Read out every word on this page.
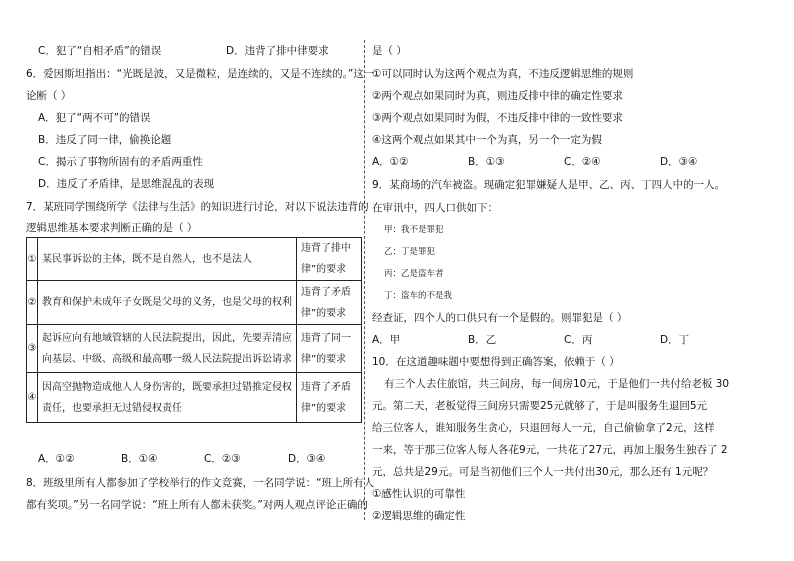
C．犯了“自相矛盾”的错误	D．违背了排中律要求
6．爱因斯坦指出：“光既是波，又是微粒，是连续的，又是不连续的。”这一
论断（ ）
A．犯了“两不可”的错误
B．违反了同一律，偷换论题
C．揭示了事物所固有的矛盾两重性
D．违反了矛盾律，是思维混乱的表现
7．某班同学围绕所学《法律与生活》的知识进行讨论，对以下说法违背的
逻辑思维基本要求判断正确的是（ ）
①	某民事诉讼的主体，既不是自然人，也不是法人	违背了排中律”的要求
②	教育和保护未成年子女既是父母的义务，也是父母的权利	违背了矛盾律”的要求
③	起诉应向有地域管辖的人民法院提出，因此，先要弄清应向基层、中级、高级和最高哪一级人民法院提出诉讼请求	违背了同一律”的要求
④	因高空抛物造成他人人身伤害的，既要承担过错推定侵权责任，也要承担无过错侵权责任	违背了矛盾律”的要求
A．①②	B．①④	C．②③	D．③④
8．班级里所有人都参加了学校举行的作文竞赛，一名同学说：“班上所有人
都有奖项。”另一名同学说：“班上所有人都未获奖。”对两人观点评论正确的
是（ ）
①可以同时认为这两个观点为真，不违反逻辑思维的规则
②两个观点如果同时为真，则违反排中律的确定性要求
③两个观点如果同时为假，不违反排中律的一致性要求
④这两个观点如果其中一个为真，另一个一定为假
A．①②	B．①③	C．②④	D．③④
9．某商场的汽车被盗。现确定犯罪嫌疑人是甲、乙、丙、丁四人中的一人。
在审讯中，四人口供如下：
甲：我不是罪犯
乙：丁是罪犯
丙：乙是盗车者
丁：盗车的不是我
经查证，四个人的口供只有一个是假的。则罪犯是（ ）
A．甲	B．乙	C．丙	D．丁
10．在这道趣味题中要想得到正确答案，依赖于（ ）
有三个人去住旅馆，共三间房，每一间房10元，于是他们一共付给老板 30
元。第二天，老板觉得三间房只需要25元就够了，于是叫服务生退回5元
给三位客人，谁知服务生贪心，只退回每人一元，自己偷偷拿了2元，这样
一来，等于那三位客人每人各花9元，一共花了27元，再加上服务生独吞了 2
元，总共是29元。可是当初他们三个人一共付出30元，那么还有 1元呢？
①感性认识的可靠性
②逻辑思维的确定性
